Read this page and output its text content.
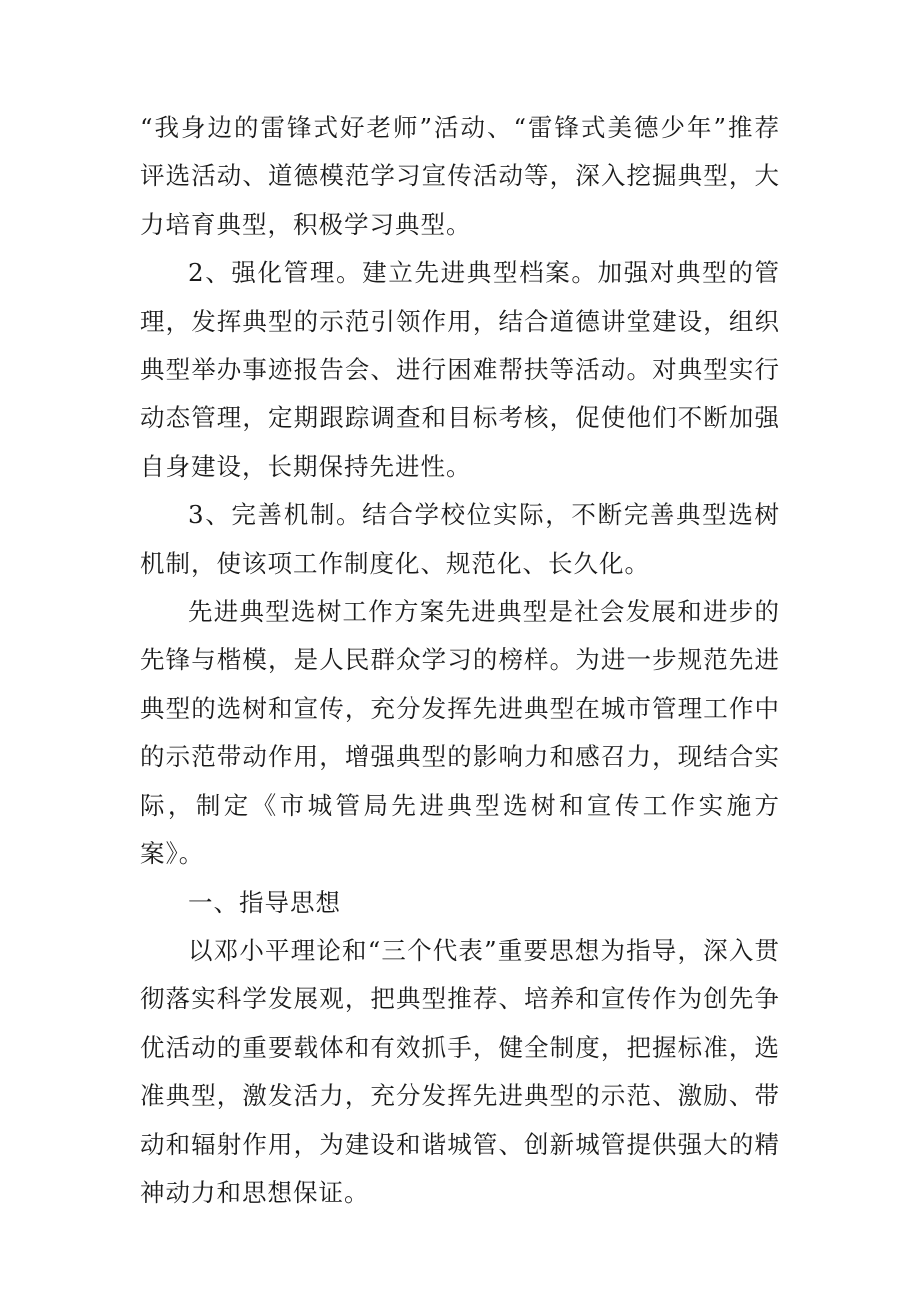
“我身边的雷锋式好老师”活动、“雷锋式美德少年”推荐评选活动、道德模范学习宣传活动等，深入挖掘典型，大力培育典型，积极学习典型。

2、强化管理。建立先进典型档案。加强对典型的管理，发挥典型的示范引领作用，结合道德讲堂建设，组织典型举办事迹报告会、进行困难帮扶等活动。对典型实行动态管理，定期跟踪调查和目标考核，促使他们不断加强自身建设，长期保持先进性。

3、完善机制。结合学校位实际，不断完善典型选树机制，使该项工作制度化、规范化、长久化。

先进典型选树工作方案先进典型是社会发展和进步的先锋与楷模，是人民群众学习的榜样。为进一步规范先进典型的选树和宣传，充分发挥先进典型在城市管理工作中的示范带动作用，增强典型的影响力和感召力，现结合实际，制定《市城管局先进典型选树和宣传工作实施方案》。

一、指导思想

以邓小平理论和“三个代表”重要思想为指导，深入贯彻落实科学发展观，把典型推荐、培养和宣传作为创先争优活动的重要载体和有效抓手，健全制度，把握标准，选准典型，激发活力，充分发挥先进典型的示范、激励、带动和辐射作用，为建设和谐城管、创新城管提供强大的精神动力和思想保证。
